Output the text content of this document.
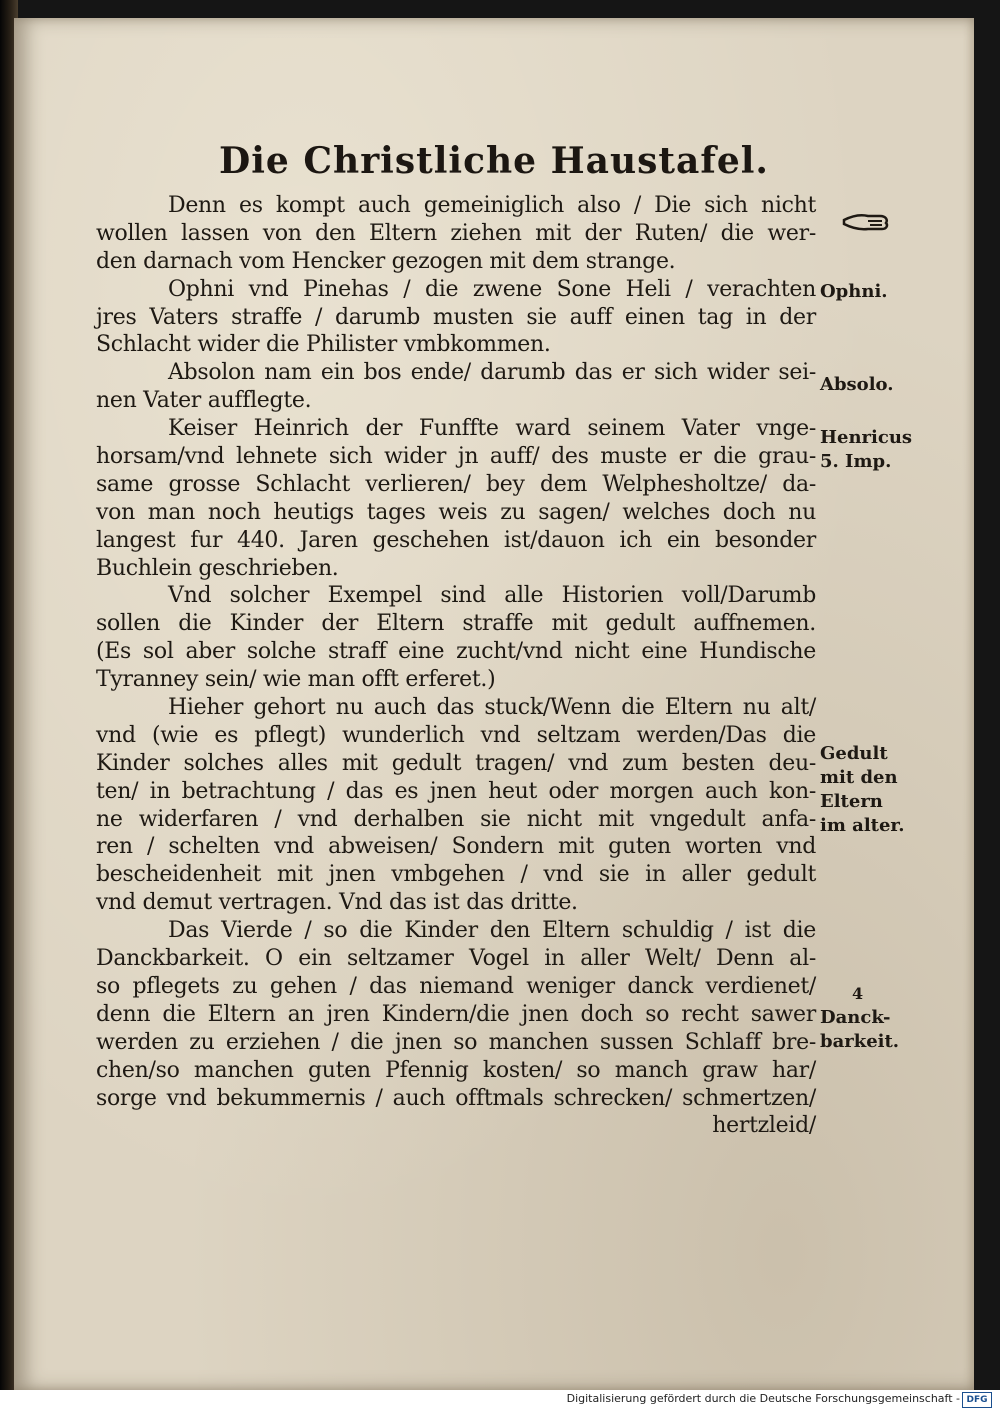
Die Christliche Haustafel.
Denn es kompt auch gemeiniglich also / Die sich nicht
wollen lassen von den Eltern ziehen mit der Ruten/ die wer-
den darnach vom Hencker gezogen mit dem strange.
Ophni vnd Pinehas / die zwene Sone Heli / verachten
jres Vaters straffe / darumb musten sie auff einen tag in der
Schlacht wider die Philister vmbkommen.
Absolon nam ein bos ende/ darumb das er sich wider sei-
nen Vater aufflegte.
Keiser Heinrich der Funffte ward seinem Vater vnge-
horsam/vnd lehnete sich wider jn auff/ des muste er die grau-
same grosse Schlacht verlieren/ bey dem Welphesholtze/ da-
von man noch heutigs tages weis zu sagen/ welches doch nu
langest fur 440. Jaren geschehen ist/dauon ich ein besonder
Buchlein geschrieben.
Vnd solcher Exempel sind alle Historien voll/Darumb
sollen die Kinder der Eltern straffe mit gedult auffnemen.
(Es sol aber solche straff eine zucht/vnd nicht eine Hundische
Tyranney sein/ wie man offt erferet.)
Hieher gehort nu auch das stuck/Wenn die Eltern nu alt/
vnd (wie es pflegt) wunderlich vnd seltzam werden/Das die
Kinder solches alles mit gedult tragen/ vnd zum besten deu-
ten/ in betrachtung / das es jnen heut oder morgen auch kon-
ne widerfaren / vnd derhalben sie nicht mit vngedult anfa-
ren / schelten vnd abweisen/ Sondern mit guten worten vnd
bescheidenheit mit jnen vmbgehen / vnd sie in aller gedult
vnd demut vertragen. Vnd das ist das dritte.
Das Vierde / so die Kinder den Eltern schuldig / ist die
Danckbarkeit. O ein seltzamer Vogel in aller Welt/ Denn al-
so pflegets zu gehen / das niemand weniger danck verdienet/
denn die Eltern an jren Kindern/die jnen doch so recht sawer
werden zu erziehen / die jnen so manchen sussen Schlaff bre-
chen/so manchen guten Pfennig kosten/ so manch graw har/
sorge vnd bekummernis / auch offtmals schrecken/ schmertzen/
hertzleid/
Ophni.
Absolo.
Henricus
5. Imp.
Gedult
mit den
Eltern
im alter.
4
Danck-
barkeit.
Digitalisierung gefördert durch die Deutsche Forschungsgemeinschaft - DFG
